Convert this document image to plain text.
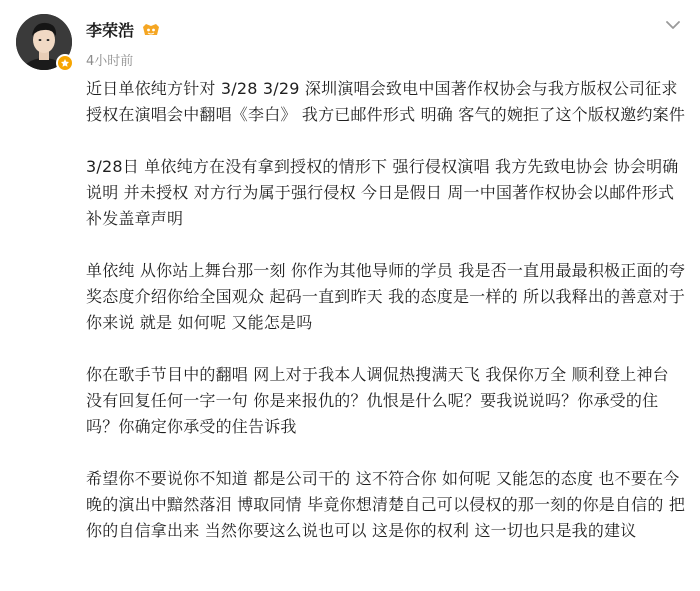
李荣浩
4小时前

近日单依纯方针对 3/28 3/29 深圳演唱会致电中国著作权协会与我方版权公司征求授权在演唱会中翻唱《李白》 我方已邮件形式 明确 客气的婉拒了这个版权邀约案件

3/28日 单依纯方在没有拿到授权的情形下 强行侵权演唱 我方先致电协会 协会明确说明 并未授权 对方行为属于强行侵权 今日是假日 周一中国著作权协会以邮件形式补发盖章声明

单依纯 从你站上舞台那一刻 你作为其他导师的学员 我是否一直用最最积极正面的夸奖态度介绍你给全国观众 起码一直到昨天 我的态度是一样的 所以我释出的善意对于你来说 就是 如何呢 又能怎是吗

你在歌手节目中的翻唱 网上对于我本人调侃热搜满天飞 我保你万全 顺利登上神台 没有回复任何一字一句 你是来报仇的？仇恨是什么呢？要我说说吗？你承受的住吗？你确定你承受的住告诉我

希望你不要说你不知道 都是公司干的 这不符合你 如何呢 又能怎的态度 也不要在今晚的演出中黯然落泪 博取同情 毕竟你想清楚自己可以侵权的那一刻的你是自信的 把你的自信拿出来 当然你要这么说也可以 这是你的权利 这一切也只是我的建议
